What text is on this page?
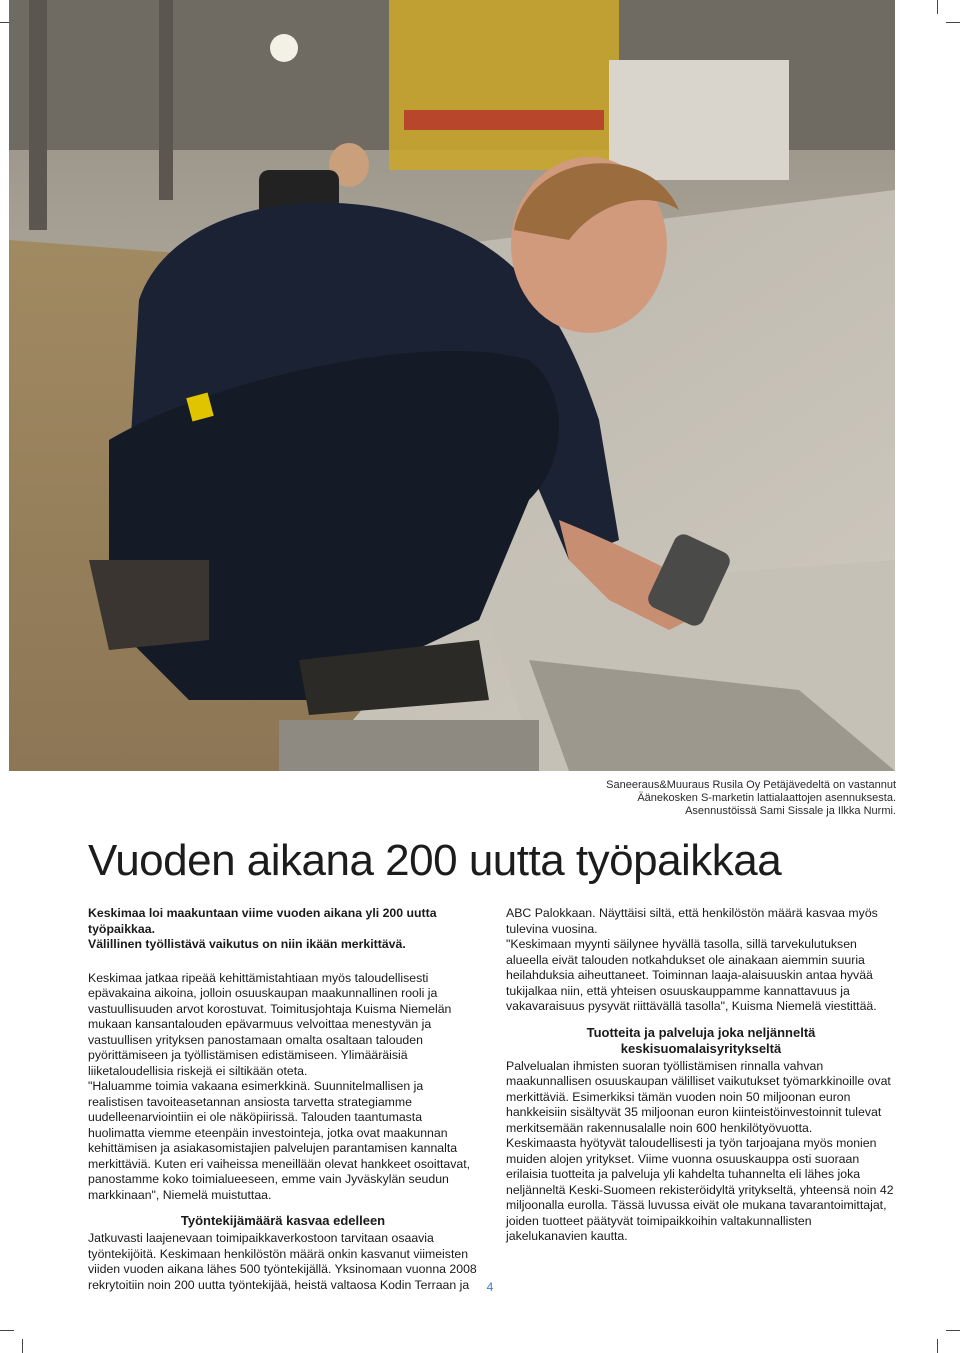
Saneeraus&Muuraus Rusila Oy Petäjävedeltä on vastannut
Äänekosken S-marketin lattialaattojen asennuksesta.
Asennustöissä Sami Sissale ja Ilkka Nurmi.
Vuoden aikana 200 uutta työpaikkaa

Keskimaa loi maakuntaan viime vuoden aikana yli 200 uutta työpaikkaa.
Välillinen työllistävä vaikutus on niin ikään merkittävä.

Keskimaa jatkaa ripeää kehittämistahtiaan myös taloudellisesti epävakaina aikoina, jolloin osuuskaupan maakunnallinen rooli ja vastuullisuuden arvot korostuvat. Toimitusjohtaja Kuisma Niemelän mukaan kansantalouden epävarmuus velvoittaa menestyvän ja vastuullisen yrityksen panostamaan omalta osaltaan talouden pyörittämiseen ja työllistämisen edistämiseen. Ylimääräisiä liiketaloudellisia riskejä ei siltikään oteta.

"Haluamme toimia vakaana esimerkkinä. Suunnitelmallisen ja realistisen tavoiteasetannan ansiosta tarvetta strategiamme uudelleenarviointiin ei ole näköpiirissä. Talouden taantumasta huolimatta viemme eteenpäin investointeja, jotka ovat maakunnan kehittämisen ja asiakasomistajien palvelujen parantamisen kannalta merkittäviä. Kuten eri vaiheissa meneillään olevat hankkeet osoittavat, panostamme koko toimialueeseen, emme vain Jyväskylän seudun markkinaan", Niemelä muistuttaa.

Työntekijämäärä kasvaa edelleen

Jatkuvasti laajenevaan toimipaikkaverkostoon tarvitaan osaavia työntekijöitä. Keskimaan henkilöstön määrä onkin kasvanut viimeisten viiden vuoden aikana lähes 500 työntekijällä. Yksinomaan vuonna 2008 rekrytoitiin noin 200 uutta työntekijää, heistä valtaosa Kodin Terraan ja

ABC Palokkaan. Näyttäisi siltä, että henkilöstön määrä kasvaa myös tulevina vuosina.

"Keskimaan myynti säilynee hyvällä tasolla, sillä tarvekulutuksen alueella eivät talouden notkahdukset ole ainakaan aiemmin suuria heilahduksia aiheuttaneet. Toiminnan laaja-alaisuuskin antaa hyvää tukijalkaa niin, että yhteisen osuuskauppamme kannattavuus ja vakavaraisuus pysyvät riittävällä tasolla", Kuisma Niemelä viestittää.

Tuotteita ja palveluja joka neljänneltä keskisuomalaisyritykseltä

Palvelualan ihmisten suoran työllistämisen rinnalla vahvan maakunnallisen osuuskaupan välilliset vaikutukset työmarkkinoille ovat merkittäviä. Esimerkiksi tämän vuoden noin 50 miljoonan euron hankkeisiin sisältyvät 35 miljoonan euron kiinteistöinvestoinnit tulevat merkitsemään rakennusalalle noin 600 henkilötyövuotta.

Keskimaasta hyötyvät taloudellisesti ja työn tarjoajana myös monien muiden alojen yritykset. Viime vuonna osuuskauppa osti suoraan erilaisia tuotteita ja palveluja yli kahdelta tuhannelta eli lähes joka neljänneltä Keski-Suomeen rekisteröidyltä yritykseltä, yhteensä noin 42 miljoonalla eurolla. Tässä luvussa eivät ole mukana tavarantoimittajat, joiden tuotteet päätyvät toimipaikkoihin valtakunnallisten jakelukanavien kautta.

4
